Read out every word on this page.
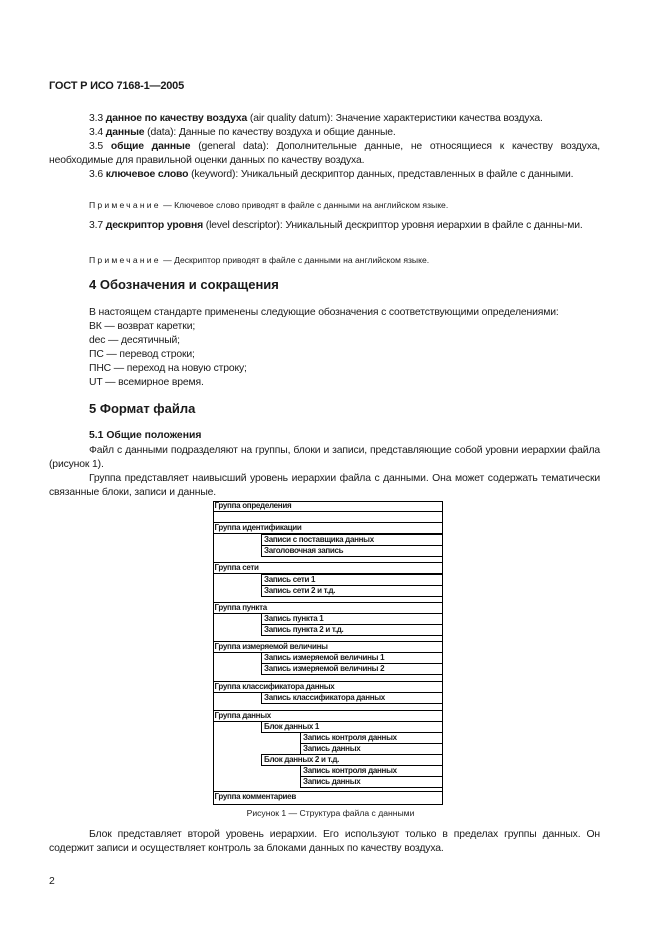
ГОСТ Р ИСО 7168-1—2005
3.3 данное по качеству воздуха (air quality datum): Значение характеристики качества воздуха.
3.4 данные (data): Данные по качеству воздуха и общие данные.
3.5 общие данные (general data): Дополнительные данные, не относящиеся к качеству воздуха, необходимые для правильной оценки данных по качеству воздуха.
3.6 ключевое слово (keyword): Уникальный дескриптор данных, представленных в файле с данными.
Примечание — Ключевое слово приводят в файле с данными на английском языке.
3.7 дескриптор уровня (level descriptor): Уникальный дескриптор уровня иерархии в файле с данны-ми.
Примечание — Дескриптор приводят в файле с данными на английском языке.
4 Обозначения и сокращения
В настоящем стандарте применены следующие обозначения с соответствующими определениями:
ВК — возврат каретки;
dec — десятичный;
ПС — перевод строки;
ПНС — переход на новую строку;
UT — всемирное время.
5 Формат файла
5.1 Общие положения
Файл с данными подразделяют на группы, блоки и записи, представляющие собой уровни иерархии файла (рисунок 1).
Группа представляет наивысший уровень иерархии файла с данными. Она может содержать тематически связанные блоки, записи и данные.
Группа определения
Группа идентификации
Записи с поставщика данных
Заголовочная запись
Группа сети
Запись сети 1
Запись сети 2 и т.д.
Группа пункта
Запись пункта 1
Запись пункта 2 и т.д.
Группа измеряемой величины
Запись измеряемой величины 1
Запись измеряемой величины 2
Группа классификатора данных
Запись классификатора данных
Группа данных
Блок данных 1
Запись контроля данных
Запись данных
Блок данных 2 и т.д.
Запись контроля данных
Запись данных
Группа комментариев
Рисунок 1 — Структура файла с данными
Блок представляет второй уровень иерархии. Его используют только в пределах группы данных. Он содержит записи и осуществляет контроль за блоками данных по качеству воздуха.
2
